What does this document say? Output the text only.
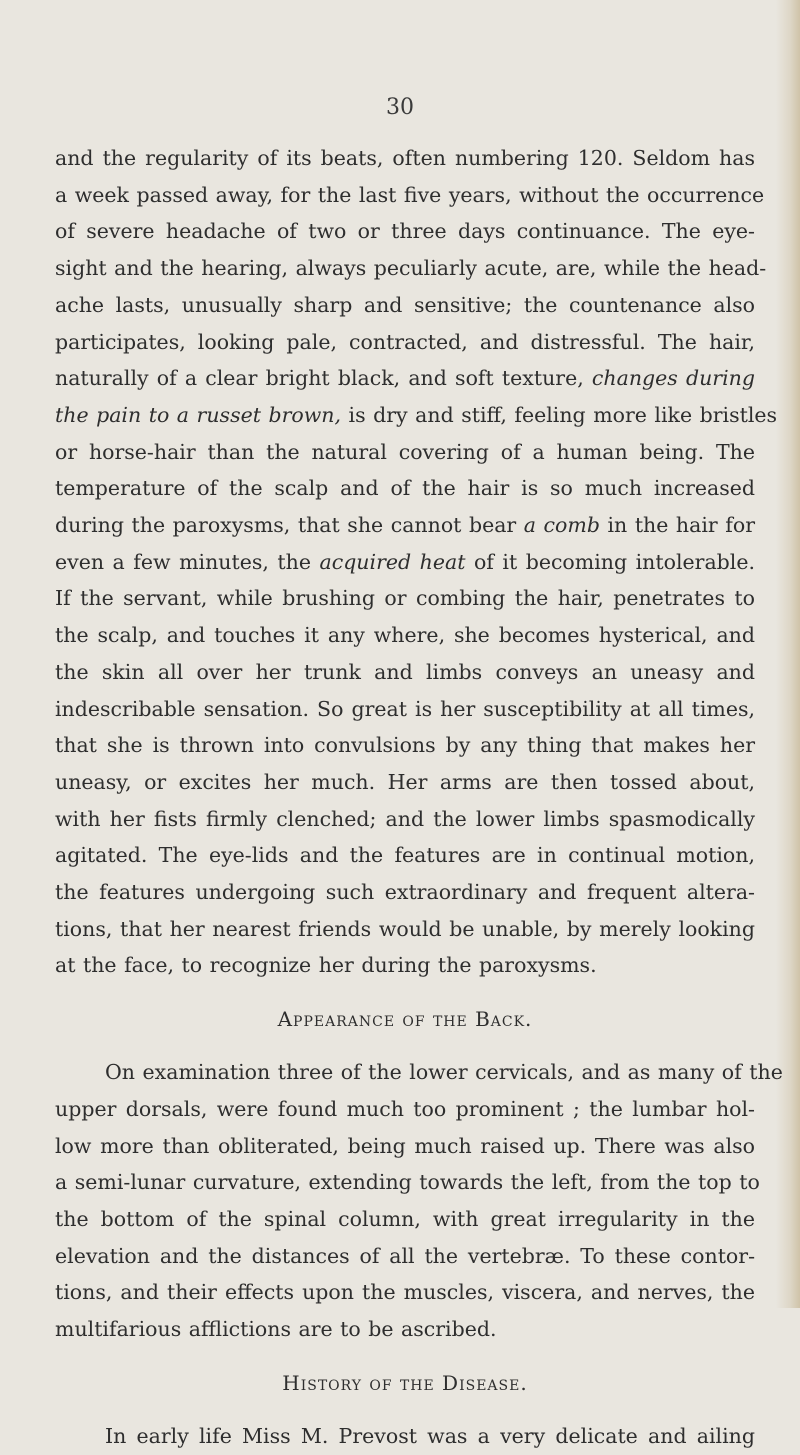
30

and the regularity of its beats, often numbering 120. Seldom has
a week passed away, for the last five years, without the occurrence
of severe headache of two or three days continuance. The eye-
sight and the hearing, always peculiarly acute, are, while the head-
ache lasts, unusually sharp and sensitive; the countenance also
participates, looking pale, contracted, and distressful. The hair,
naturally of a clear bright black, and soft texture, changes during
the pain to a russet brown, is dry and stiff, feeling more like bristles
or horse-hair than the natural covering of a human being. The
temperature of the scalp and of the hair is so much increased
during the paroxysms, that she cannot bear a comb in the hair for
even a few minutes, the acquired heat of it becoming intolerable.
If the servant, while brushing or combing the hair, penetrates to
the scalp, and touches it any where, she becomes hysterical, and
the skin all over her trunk and limbs conveys an uneasy and
indescribable sensation. So great is her susceptibility at all times,
that she is thrown into convulsions by any thing that makes her
uneasy, or excites her much. Her arms are then tossed about,
with her fists firmly clenched; and the lower limbs spasmodically
agitated. The eye-lids and the features are in continual motion,
the features undergoing such extraordinary and frequent altera-
tions, that her nearest friends would be unable, by merely looking
at the face, to recognize her during the paroxysms.

Appearance of the Back.

On examination three of the lower cervicals, and as many of the
upper dorsals, were found much too prominent ; the lumbar hol-
low more than obliterated, being much raised up. There was also
a semi-lunar curvature, extending towards the left, from the top to
the bottom of the spinal column, with great irregularity in the
elevation and the distances of all the vertebræ. To these contor-
tions, and their effects upon the muscles, viscera, and nerves, the
multifarious afflictions are to be ascribed.

History of the Disease.

In early life Miss M. Prevost was a very delicate and ailing
